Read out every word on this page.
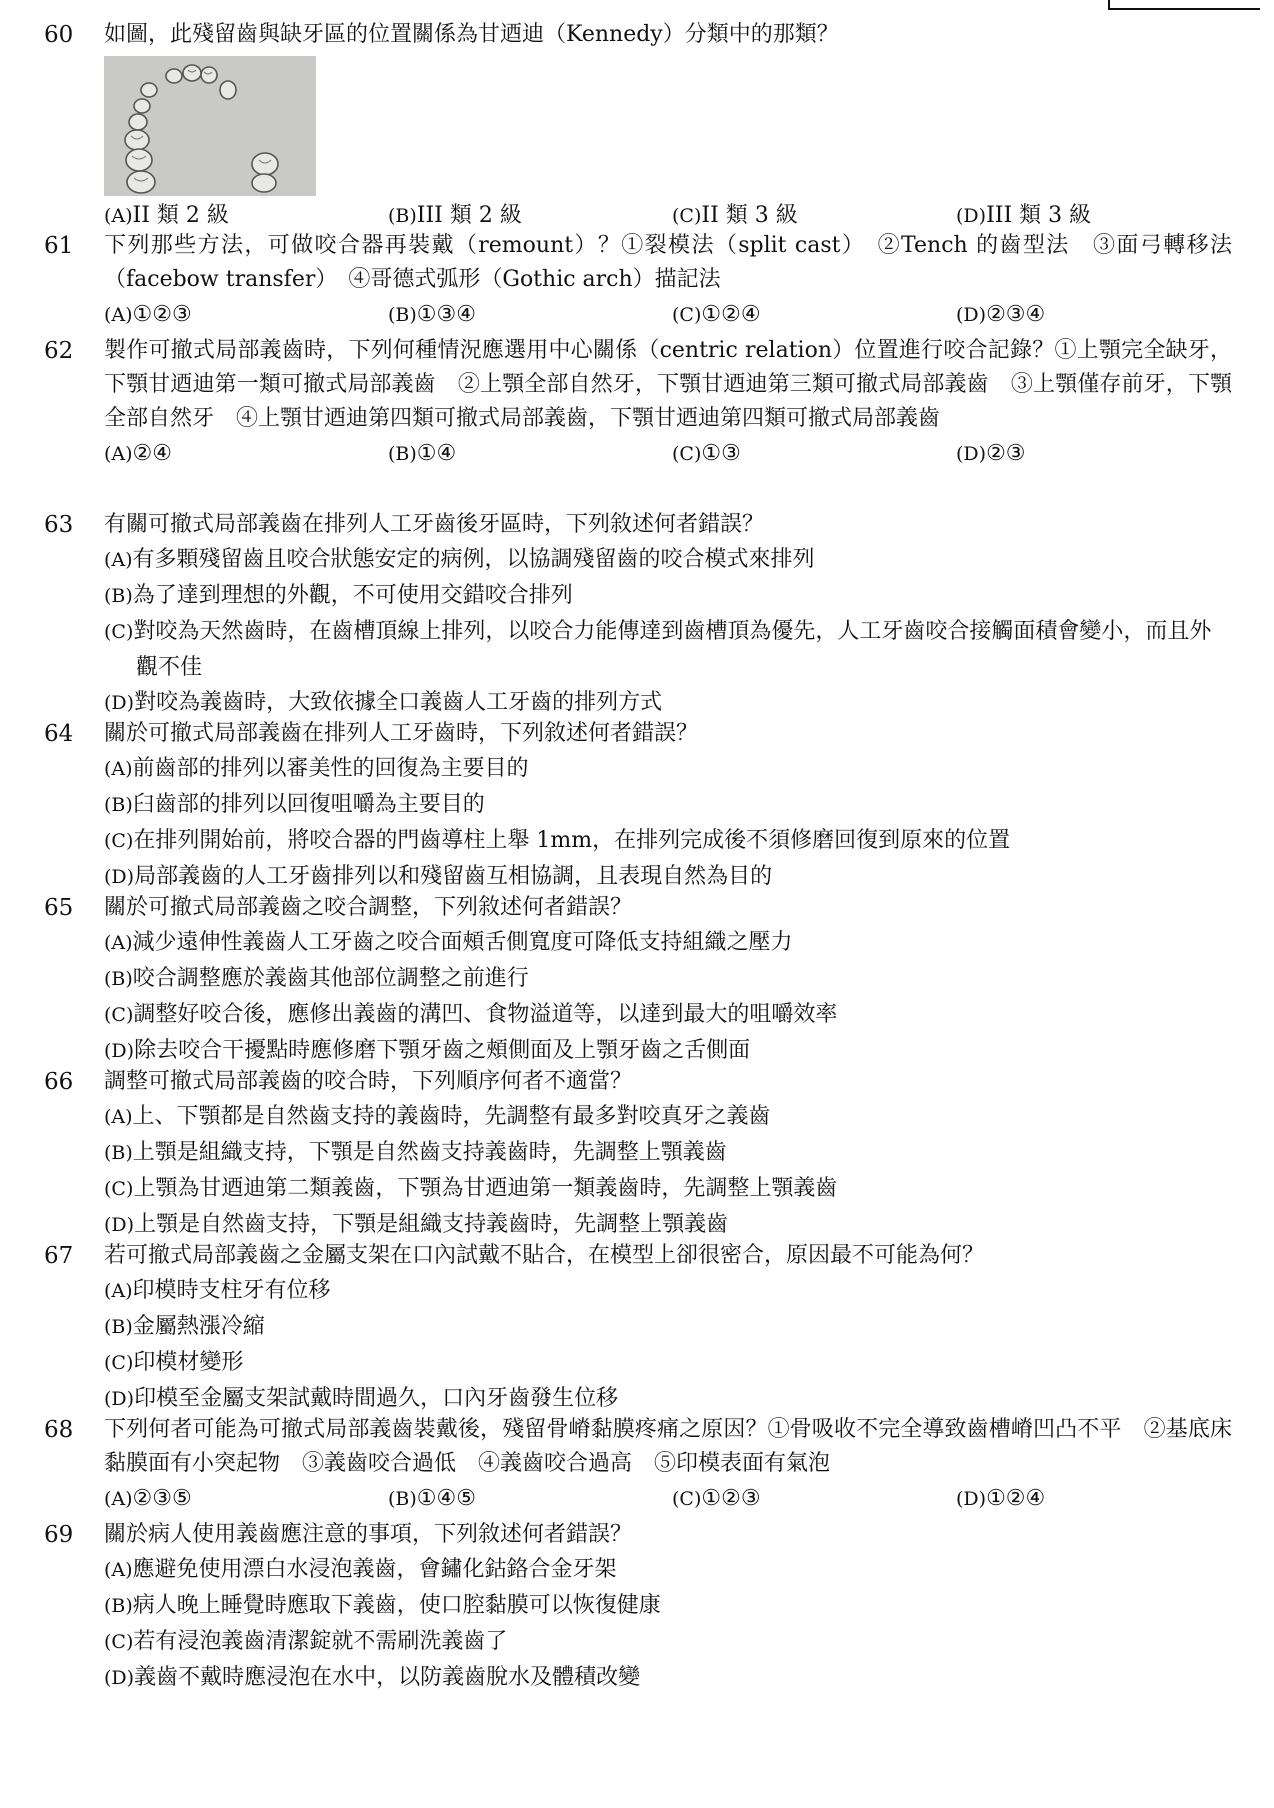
60 如圖，此殘留齒與缺牙區的位置關係為甘迺迪（Kennedy）分類中的那類？

(A)II 類 2 級	(B)III 類 2 級	(C)II 類 3 級	(D)III 類 3 級
61 下列那些方法，可做咬合器再裝戴（remount）？①裂模法（split cast）　②Tench 的齒型法　③面弓轉移法（facebow transfer）　④哥德式弧形（Gothic arch）描記法

(A)①②③	(B)①③④	(C)①②④	(D)②③④
62 製作可撤式局部義齒時，下列何種情況應選用中心關係（centric relation）位置進行咬合記錄？①上顎完全缺牙，下顎甘迺迪第一類可撤式局部義齒　②上顎全部自然牙，下顎甘迺迪第三類可撤式局部義齒　③上顎僅存前牙，下顎全部自然牙　④上顎甘迺迪第四類可撤式局部義齒，下顎甘迺迪第四類可撤式局部義齒

(A)②④	(B)①④	(C)①③	(D)②③
63 有關可撤式局部義齒在排列人工牙齒後牙區時，下列敘述何者錯誤？

(A)有多顆殘留齒且咬合狀態安定的病例，以協調殘留齒的咬合模式來排列

(B)為了達到理想的外觀，不可使用交錯咬合排列

(C)對咬為天然齒時，在齒槽頂線上排列，以咬合力能傳達到齒槽頂為優先，人工牙齒咬合接觸面積會變小，而且外觀不佳

(D)對咬為義齒時，大致依據全口義齒人工牙齒的排列方式

64 關於可撤式局部義齒在排列人工牙齒時，下列敘述何者錯誤？

(A)前齒部的排列以審美性的回復為主要目的

(B)臼齒部的排列以回復咀嚼為主要目的

(C)在排列開始前，將咬合器的門齒導柱上舉 1mm，在排列完成後不須修磨回復到原來的位置

(D)局部義齒的人工牙齒排列以和殘留齒互相協調，且表現自然為目的

65 關於可撤式局部義齒之咬合調整，下列敘述何者錯誤？

(A)減少遠伸性義齒人工牙齒之咬合面頰舌側寬度可降低支持組織之壓力

(B)咬合調整應於義齒其他部位調整之前進行

(C)調整好咬合後，應修出義齒的溝凹、食物溢道等，以達到最大的咀嚼效率

(D)除去咬合干擾點時應修磨下顎牙齒之頰側面及上顎牙齒之舌側面

66 調整可撤式局部義齒的咬合時，下列順序何者不適當？

(A)上、下顎都是自然齒支持的義齒時，先調整有最多對咬真牙之義齒

(B)上顎是組織支持，下顎是自然齒支持義齒時，先調整上顎義齒

(C)上顎為甘迺迪第二類義齒，下顎為甘迺迪第一類義齒時，先調整上顎義齒

(D)上顎是自然齒支持，下顎是組織支持義齒時，先調整上顎義齒

67 若可撤式局部義齒之金屬支架在口內試戴不貼合，在模型上卻很密合，原因最不可能為何？

(A)印模時支柱牙有位移

(B)金屬熱漲冷縮

(C)印模材變形

(D)印模至金屬支架試戴時間過久，口內牙齒發生位移

68 下列何者可能為可撤式局部義齒裝戴後，殘留骨嵴黏膜疼痛之原因？①骨吸收不完全導致齒槽嵴凹凸不平　②基底床黏膜面有小突起物　③義齒咬合過低　④義齒咬合過高　⑤印模表面有氣泡

(A)②③⑤	(B)①④⑤	(C)①②③	(D)①②④
69 關於病人使用義齒應注意的事項，下列敘述何者錯誤？

(A)應避免使用漂白水浸泡義齒，會鏽化鈷鉻合金牙架

(B)病人晚上睡覺時應取下義齒，使口腔黏膜可以恢復健康

(C)若有浸泡義齒清潔錠就不需刷洗義齒了

(D)義齒不戴時應浸泡在水中，以防義齒脫水及體積改變
